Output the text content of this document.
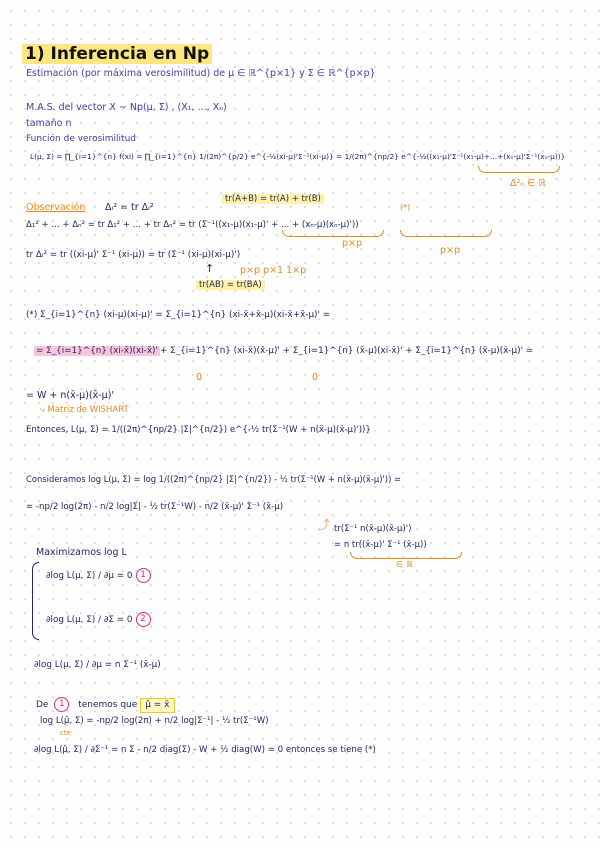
1) Inferencia en Np
Estimación (por máxima verosimilitud) de μ ∈ ℝ^{p×1} y Σ ∈ ℝ^{p×p}
M.A.S. del vector X ∼ Np(μ, Σ) , (X₁, ..., Xₙ)
tamaño n
Función de verosimilitud
L(μ, Σ) = ∏_{i=1}^{n} f(xi) = ∏_{i=1}^{n} 1/(2π)^{p/2} e^{-½(xi-μ)'Σ⁻¹(xi-μ)} = 1/(2π)^{np/2} e^{-½((x₁-μ)'Σ⁻¹(x₁-μ)+...+(xₙ-μ)'Σ⁻¹(xₙ-μ))}
Δ²ₙ ∈ ℝ
Observación Δᵢ² = tr Δᵢ²
tr(A+B) = tr(A) + tr(B)
(*)
Δ₁² + ... + Δₙ² = tr Δ₁² + ... + tr Δₙ² = tr (Σ⁻¹((x₁-μ)(x₁-μ)' + ... + (xₙ-μ)(xₙ-μ)'))
p×p
p×p
tr Δᵢ² = tr ((xi-μ)' Σ⁻¹ (xi-μ)) = tr (Σ⁻¹ (xi-μ)(xi-μ)')
p×p p×1 1×p
↑
tr(AB) = tr(BA)
(*) Σ_{i=1}^{n} (xi-μ)(xi-μ)' = Σ_{i=1}^{n} (xi-x̄+x̄-μ)(xi-x̄+x̄-μ)' =
= Σ_{i=1}^{n} (xi-x̄)(xi-x̄)' + Σ_{i=1}^{n} (xi-x̄)(x̄-μ)' + Σ_{i=1}^{n} (x̄-μ)(xi-x̄)' + Σ_{i=1}^{n} (x̄-μ)(x̄-μ)' =
0	0
= W + n(x̄-μ)(x̄-μ)'
⤷ Matriz de WISHART
Entonces, L(μ, Σ) = 1/((2π)^{np/2} |Σ|^{n/2}) e^{-½ tr(Σ⁻¹(W + n(x̄-μ)(x̄-μ)'))}
Consideramos log L(μ, Σ) = log 1/((2π)^{np/2} |Σ|^{n/2}) - ½ tr(Σ⁻¹(W + n(x̄-μ)(x̄-μ)')) =
= -np/2 log(2π) - n/2 log|Σ| - ½ tr(Σ⁻¹W) - n/2 (x̄-μ)' Σ⁻¹ (x̄-μ)
⤴ tr(Σ⁻¹ n(x̄-μ)(x̄-μ)')
= n tr((x̄-μ)' Σ⁻¹ (x̄-μ))
∈ ℝ
Maximizamos log L
∂log L(μ, Σ) / ∂μ = 0 1
∂log L(μ, Σ) / ∂Σ = 0 2
∂log L(μ, Σ) / ∂μ = n Σ⁻¹ (x̄-μ)
De 1 tenemos que μ̂ = x̄
log L(μ̂, Σ) = -np/2 log(2π) + n/2 log|Σ⁻¹| - ½ tr(Σ⁻¹W)
cte
∂log L(μ̂, Σ) / ∂Σ⁻¹ = n Σ - n/2 diag(Σ) - W + ½ diag(W) = 0 entonces se tiene (*)
